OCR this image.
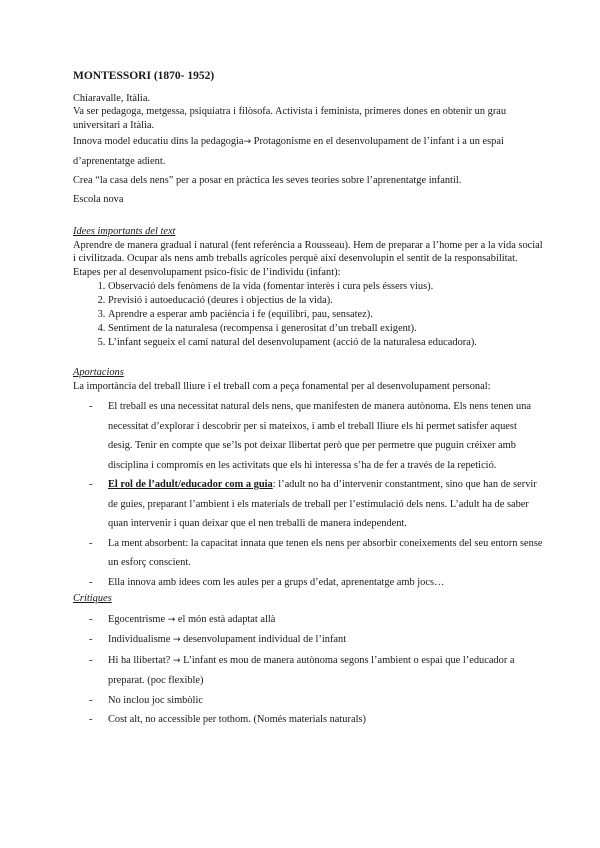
MONTESSORI (1870- 1952)

Chiaravalle, Itàlia.

Va ser pedagoga, metgessa, psiquiatra i filòsofa. Activista i feminista, primeres dones en obtenir un grau universitari a Itàlia.

Innova model educatiu dins la pedagogia→ Protagonisme en el desenvolupament de l’infant i a un espai d’aprenentatge adient.

Crea “la casa dels nens” per a posar en pràctica les seves teories sobre l’aprenentatge infantil.

Escola nova

Idees importants del text

Aprendre de manera gradual i natural (fent referència a Rousseau). Hem de preparar a l’home per a la vida social i civilitzada. Ocupar als nens amb treballs agrícoles perquè així desenvolupin el sentit de la responsabilitat.

Etapes per al desenvolupament psico-físic de l’individu (infant):

1. Observació dels fenòmens de la vida (fomentar interès i cura pels éssers vius).
2. Previsió i autoeducació (deures i objectius de la vida).
3. Aprendre a esperar amb paciència i fe (equilibri, pau, sensatez).
4. Sentiment de la naturalesa (recompensa i generositat d’un treball exigent).
5. L’infant segueix el camí natural del desenvolupament (acció de la naturalesa educadora).

Aportacions

La importància del treball lliure i el treball com a peça fonamental per al desenvolupament personal:

- El treball es una necessitat natural dels nens, que manifesten de manera autònoma. Els nens tenen una necessitat d’explorar i descobrir per si mateixos, i amb el treball lliure els hi permet satisfer aquest desig. Tenir en compte que se’ls pot deixar llibertat però que per permetre que puguin créixer amb disciplina i compromís en les activitats que els hi interessa s’ha de fer a través de la repetició.
- El rol de l’adult/educador com a guia: l’adult no ha d’intervenir constantment, sino que han de servir de guies, preparant l’ambient i els materials de treball per l’estimulació dels nens. L’adult ha de saber quan intervenir i quan deixar que el nen treballi de manera independent.
- La ment absorbent: la capacitat innata que tenen els nens per absorbir coneixements del seu entorn sense un esforç conscient.
- Ella innova amb idees com les aules per a grups d’edat, aprenentatge amb jocs…

Crítiques

- Egocentrisme → el món està adaptat allà
- Individualisme → desenvolupament individual de l’infant
- Hi ha llibertat? → L’infant es mou de manera autònoma segons l’ambient o espai que l’educador a preparat. (poc flexible)
- No inclou joc simbòlic
- Cost alt, no accessible per tothom. (Només materials naturals)
